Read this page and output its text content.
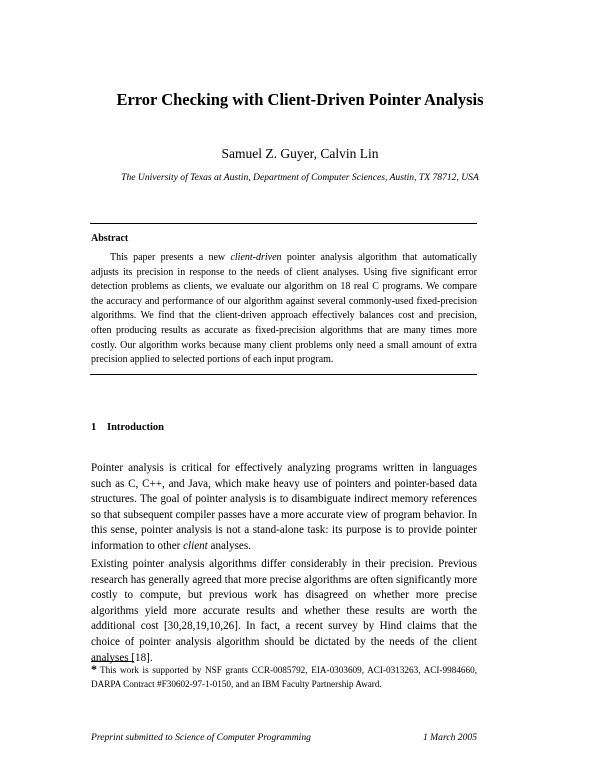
Error Checking with Client-Driven Pointer Analysis
Samuel Z. Guyer, Calvin Lin
The University of Texas at Austin, Department of Computer Sciences, Austin, TX 78712, USA
Abstract

This paper presents a new client-driven pointer analysis algorithm that automatically adjusts its precision in response to the needs of client analyses. Using five significant error detection problems as clients, we evaluate our algorithm on 18 real C programs. We compare the accuracy and performance of our algorithm against several commonly-used fixed-precision algorithms. We find that the client-driven approach effectively balances cost and precision, often producing results as accurate as fixed-precision algorithms that are many times more costly. Our algorithm works because many client problems only need a small amount of extra precision applied to selected portions of each input program.

1 Introduction

Pointer analysis is critical for effectively analyzing programs written in languages such as C, C++, and Java, which make heavy use of pointers and pointer-based data structures. The goal of pointer analysis is to disambiguate indirect memory references so that subsequent compiler passes have a more accurate view of program behavior. In this sense, pointer analysis is not a stand-alone task: its purpose is to provide pointer information to other client analyses.

Existing pointer analysis algorithms differ considerably in their precision. Previous research has generally agreed that more precise algorithms are often significantly more costly to compute, but previous work has disagreed on whether more precise algorithms yield more accurate results and whether these results are worth the additional cost [30,28,19,10,26]. In fact, a recent survey by Hind claims that the choice of pointer analysis algorithm should be dictated by the needs of the client analyses [18].

* This work is supported by NSF grants CCR-0085792, EIA-0303609, ACI-0313263, ACI-9984660, DARPA Contract #F30602-97-1-0150, and an IBM Faculty Partnership Award.

Preprint submitted to Science of Computer Programming	1 March 2005
